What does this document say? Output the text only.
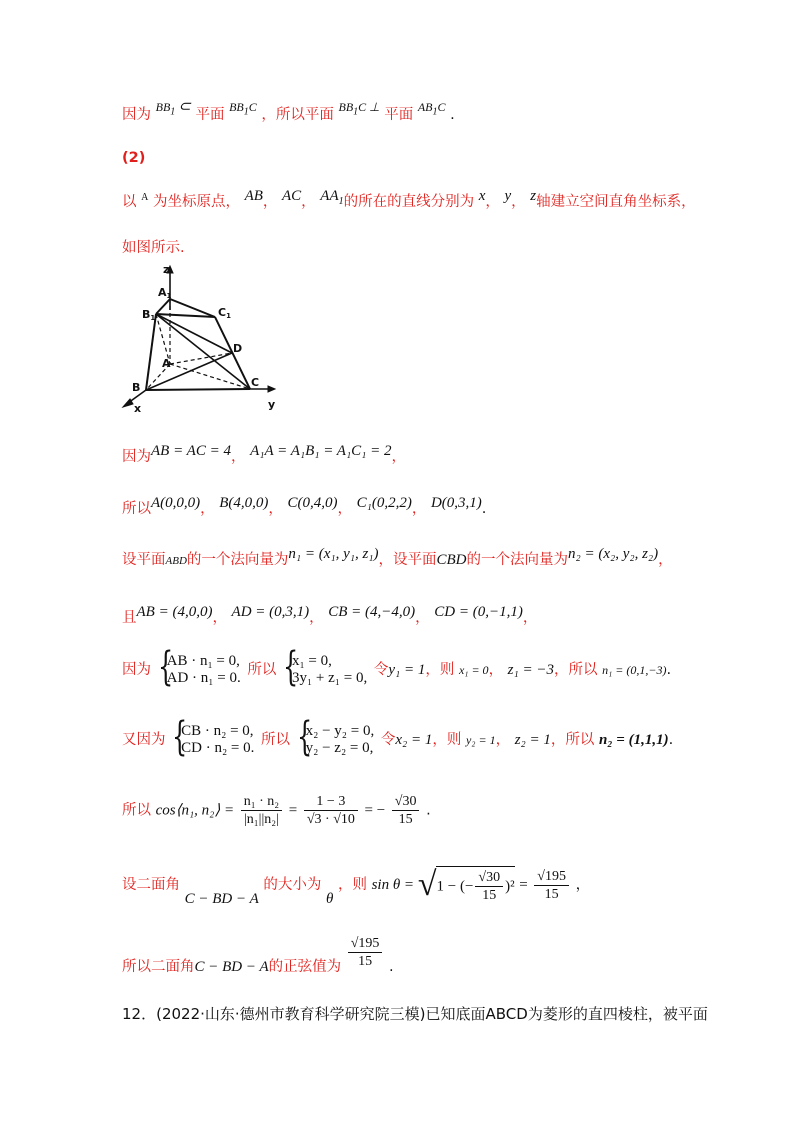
因为 $^{BB_1 \subset}$ 平面 $^{BB_1C}$ ，所以平面 $^{BB_1C \perp}$ 平面 $^{AB_1C}$ .
(2)
以 $^A$ 为坐标原点， AB， AC， $AA_1$的所在的直线分别为 x， y， z轴建立空间直角坐标系，
如图所示.
z
A1
B1	C1
A
D
B	C
x	y
因为AB = AC = 4， A₁A = A₁B₁ = A₁C₁ = 2，
所以A(0,0,0)， B(4,0,0)， C(0,4,0)， C₁(0,2,2)， D(0,3,1).
设平面ABD的一个法向量为n₁ = (x₁, y₁, z₁)，设平面CBD的一个法向量为n₂ = (x₂, y₂, z₂)，
且AB = (4,0,0)， AD = (0,3,1)， CB = (4,−4,0)， CD = (0,−1,1)，
因为 {
AB · n₁ = 0,
AD · n₁ = 0. 所以 {
x₁ = 0,
3y₁ + z₁ = 0, 令y₁ = 1，则 x₁ = 0， z₁ = −3，所以 n₁ = (0,1,−3).
又因为 {
CB · n₂ = 0,
CD · n₂ = 0. 所以 {
x₂ − y₂ = 0,
y₂ − z₂ = 0, 令x₂ = 1，则 y₂ = 1， z₂ = 1，所以 n₂ = (1,1,1).
所以 cos⟨n₁, n₂⟩ = $\frac{\text{n₁ · n₂}}{\text{|n₁||n₂|}} = \frac{1 - 3}{√3 \cdot √10}$ = − $\frac{√30}{15}$ .
设二面角 C − BD − A 的大小为 θ ，则 sin θ = √1 − (− $\frac{√30}{15} )^2 = \frac{√195}{15}$ ，
所以二面角C − BD − A的正弦值为 $\frac{√195}{15}$ .
12．(2022·山东·德州市教育科学研究院三模)已知底面ABCD为菱形的直四棱柱，被平面
